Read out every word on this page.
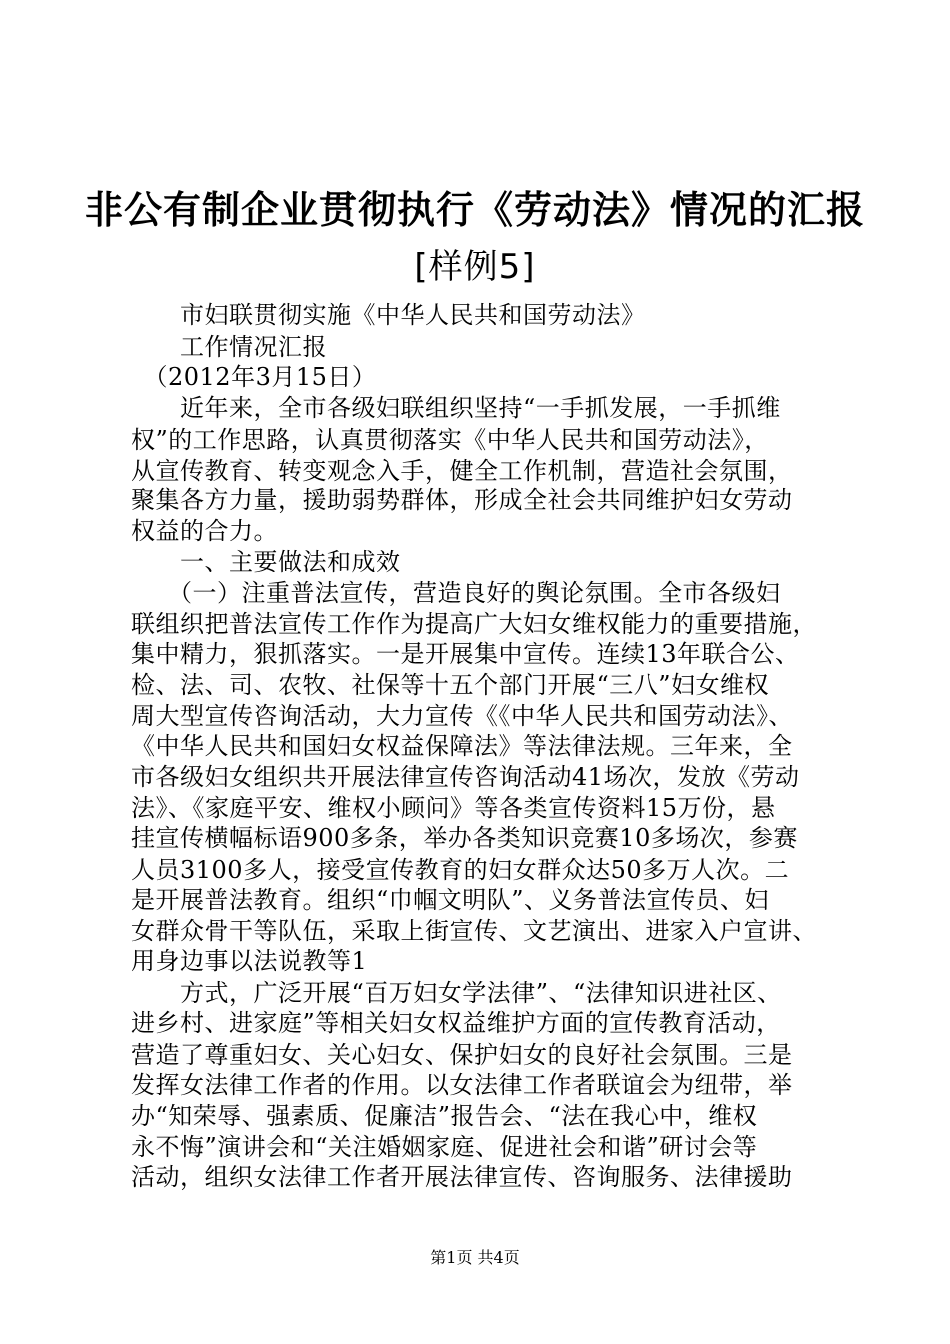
非公有制企业贯彻执行《劳动法》情况的汇报
[样例5]
　　市妇联贯彻实施《中华人民共和国劳动法》
　　工作情况汇报
　（2012年3月15日）
　　近年来，全市各级妇联组织坚持“一手抓发展，一手抓维
权”的工作思路，认真贯彻落实《中华人民共和国劳动法》，
从宣传教育、转变观念入手，健全工作机制，营造社会氛围，
聚集各方力量，援助弱势群体，形成全社会共同维护妇女劳动
权益的合力。
　　一、主要做法和成效
　　（一）注重普法宣传，营造良好的舆论氛围。全市各级妇
联组织把普法宣传工作作为提高广大妇女维权能力的重要措施，
集中精力，狠抓落实。一是开展集中宣传。连续13年联合公、
检、法、司、农牧、社保等十五个部门开展“三八”妇女维权
周大型宣传咨询活动，大力宣传《《中华人民共和国劳动法》、
《中华人民共和国妇女权益保障法》等法律法规。三年来，全
市各级妇女组织共开展法律宣传咨询活动41场次，发放《劳动
法》、《家庭平安、维权小顾问》等各类宣传资料15万份，悬
挂宣传横幅标语900多条，举办各类知识竞赛10多场次，参赛
人员3100多人，接受宣传教育的妇女群众达50多万人次。二
是开展普法教育。组织“巾帼文明队”、义务普法宣传员、妇
女群众骨干等队伍，采取上街宣传、文艺演出、进家入户宣讲、
用身边事以法说教等1
　　方式，广泛开展“百万妇女学法律”、“法律知识进社区、
进乡村、进家庭”等相关妇女权益维护方面的宣传教育活动，
营造了尊重妇女、关心妇女、保护妇女的良好社会氛围。三是
发挥女法律工作者的作用。以女法律工作者联谊会为纽带，举
办“知荣辱、强素质、促廉洁”报告会、“法在我心中，维权
永不悔”演讲会和“关注婚姻家庭、促进社会和谐”研讨会等
活动，组织女法律工作者开展法律宣传、咨询服务、法律援助
第1页 共4页
